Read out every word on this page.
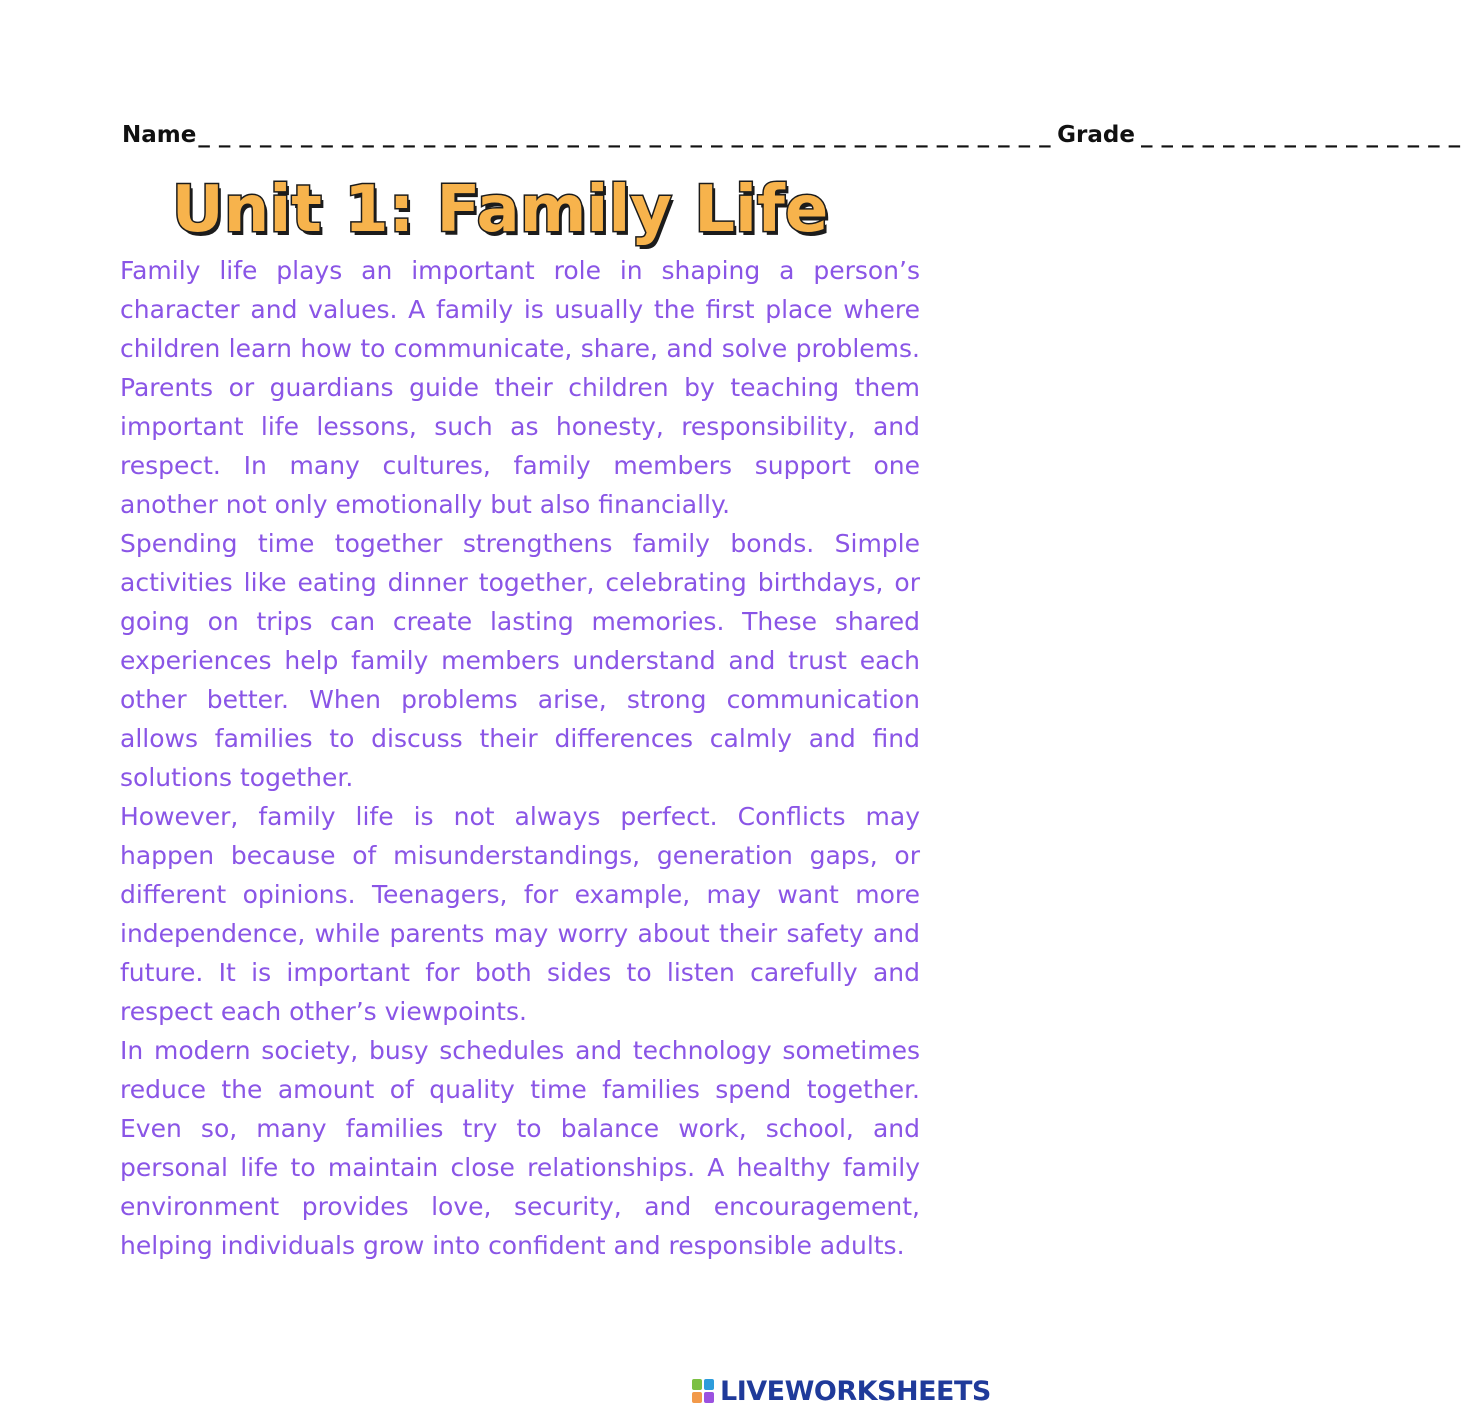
Name _ _ _ _ _ _ _ _ _ _ _ _ _ _ _ _ _ _ _ _ _ _ _ _ _ _ _ _ _ _ _ _ _ _ _ _ _ _ _ _ _ _ Grade _ _ _ _ _ _ _ _ _ _ _ _ _ _ _ _
Unit 1: Family Life

Family life plays an important role in shaping a person’s character and values. A family is usually the first place where children learn how to communicate, share, and solve problems. Parents or guardians guide their children by teaching them important life lessons, such as honesty, responsibility, and respect. In many cultures, family members support one another not only emotionally but also financially.

Spending time together strengthens family bonds. Simple activities like eating dinner together, celebrating birthdays, or going on trips can create lasting memories. These shared experiences help family members understand and trust each other better. When problems arise, strong communication allows families to discuss their differences calmly and find solutions together.

However, family life is not always perfect. Conflicts may happen because of misunderstandings, generation gaps, or different opinions. Teenagers, for example, may want more independence, while parents may worry about their safety and future. It is important for both sides to listen carefully and respect each other’s viewpoints.

In modern society, busy schedules and technology sometimes reduce the amount of quality time families spend together. Even so, many families try to balance work, school, and personal life to maintain close relationships. A healthy family environment provides love, security, and encouragement, helping individuals grow into confident and responsible adults.

LIVEWORKSHEETS
